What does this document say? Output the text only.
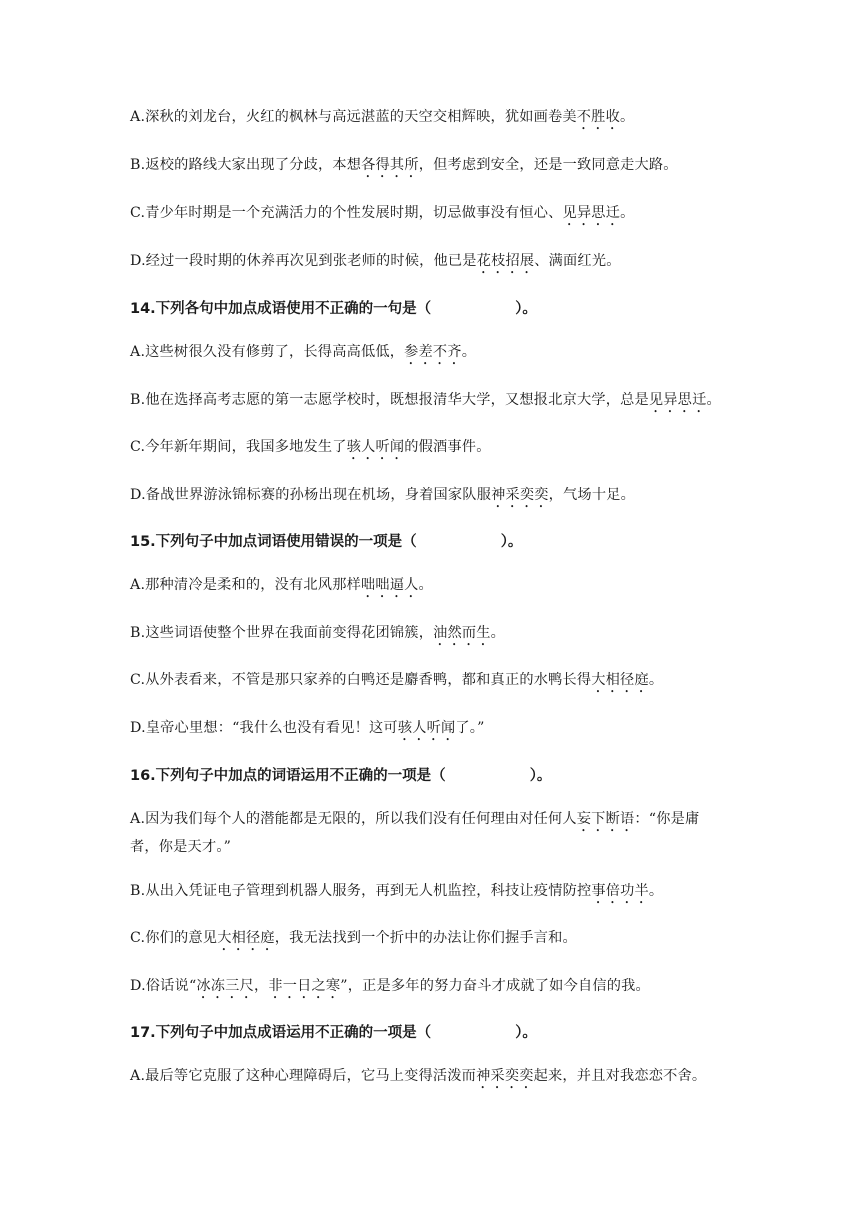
A.深秋的刘龙台，火红的枫林与高远湛蓝的天空交相辉映，犹如画卷美不胜收。
B.返校的路线大家出现了分歧，本想各得其所，但考虑到安全，还是一致同意走大路。
C.青少年时期是一个充满活力的个性发展时期，切忌做事没有恒心、见异思迁。
D.经过一段时期的休养再次见到张老师的时候，他已是花枝招展、满面红光。
14.下列各句中加点成语使用不正确的一句是（	）。
A.这些树很久没有修剪了，长得高高低低，参差不齐。
B.他在选择高考志愿的第一志愿学校时，既想报清华大学，又想报北京大学，总是见异思迁。
C.今年新年期间，我国多地发生了骇人听闻的假酒事件。
D.备战世界游泳锦标赛的孙杨出现在机场，身着国家队服神采奕奕，气场十足。
15.下列句子中加点词语使用错误的一项是（	）。
A.那种清冷是柔和的，没有北风那样咄咄逼人。
B.这些词语使整个世界在我面前变得花团锦簇，油然而生。
C.从外表看来，不管是那只家养的白鸭还是麝香鸭，都和真正的水鸭长得大相径庭。
D.皇帝心里想：“我什么也没有看见！这可骇人听闻了。”
16.下列句子中加点的词语运用不正确的一项是（	）。
A.因为我们每个人的潜能都是无限的，所以我们没有任何理由对任何人妄下断语：“你是庸
者，你是天才。”
B.从出入凭证电子管理到机器人服务，再到无人机监控，科技让疫情防控事倍功半。
C.你们的意见大相径庭，我无法找到一个折中的办法让你们握手言和。
D.俗话说“冰冻三尺，非一日之寒”，正是多年的努力奋斗才成就了如今自信的我。
17.下列句子中加点成语运用不正确的一项是（	）。
A.最后等它克服了这种心理障碍后，它马上变得活泼而神采奕奕起来，并且对我恋恋不舍。
